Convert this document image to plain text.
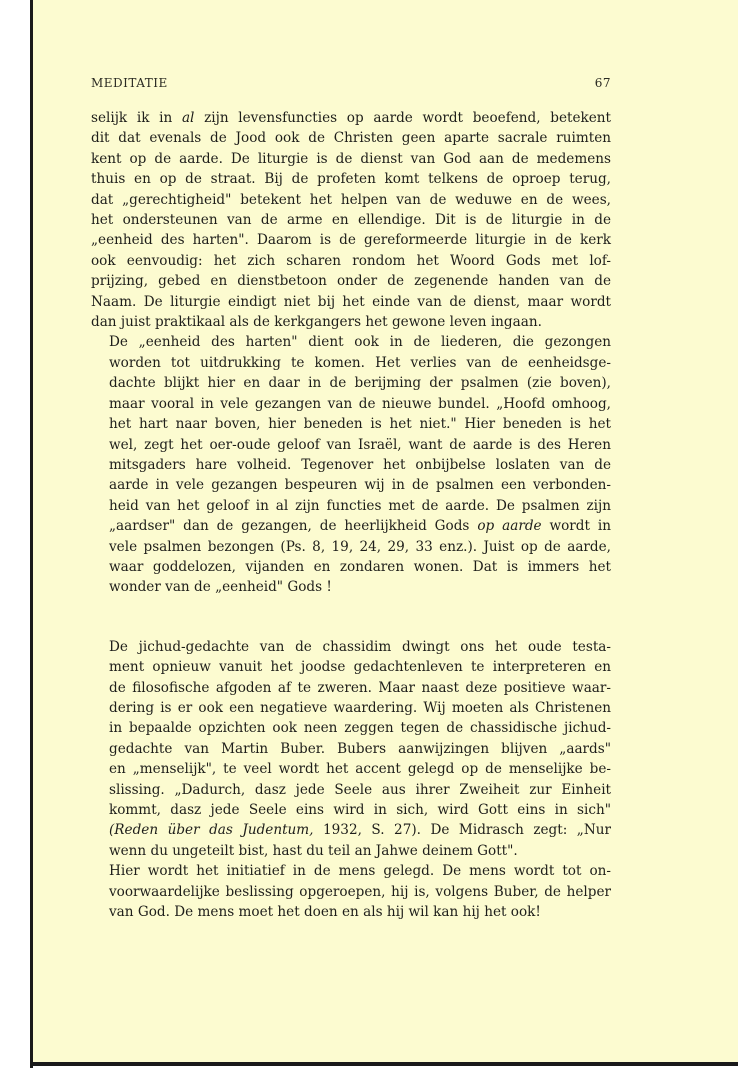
MEDITATIE	67
selijk ik in al zijn levensfuncties op aarde wordt beoefend, betekent
dit dat evenals de Jood ook de Christen geen aparte sacrale ruimten
kent op de aarde. De liturgie is de dienst van God aan de medemens
thuis en op de straat. Bij de profeten komt telkens de oproep terug,
dat „gerechtigheid" betekent het helpen van de weduwe en de wees,
het ondersteunen van de arme en ellendige. Dit is de liturgie in de
„eenheid des harten". Daarom is de gereformeerde liturgie in de kerk
ook eenvoudig: het zich scharen rondom het Woord Gods met lof-
prijzing, gebed en dienstbetoon onder de zegenende handen van de
Naam. De liturgie eindigt niet bij het einde van de dienst, maar wordt
dan juist praktikaal als de kerkgangers het gewone leven ingaan.
De „eenheid des harten" dient ook in de liederen, die gezongen
worden tot uitdrukking te komen. Het verlies van de eenheidsge-
dachte blijkt hier en daar in de berijming der psalmen (zie boven),
maar vooral in vele gezangen van de nieuwe bundel. „Hoofd omhoog,
het hart naar boven, hier beneden is het niet." Hier beneden is het
wel, zegt het oer-oude geloof van Israël, want de aarde is des Heren
mitsgaders hare volheid. Tegenover het onbijbelse loslaten van de
aarde in vele gezangen bespeuren wij in de psalmen een verbonden-
heid van het geloof in al zijn functies met de aarde. De psalmen zijn
„aardser" dan de gezangen, de heerlijkheid Gods op aarde wordt in
vele psalmen bezongen (Ps. 8, 19, 24, 29, 33 enz.). Juist op de aarde,
waar goddelozen, vijanden en zondaren wonen. Dat is immers het
wonder van de „eenheid" Gods !
De jichud-gedachte van de chassidim dwingt ons het oude testa-
ment opnieuw vanuit het joodse gedachtenleven te interpreteren en
de filosofische afgoden af te zweren. Maar naast deze positieve waar-
dering is er ook een negatieve waardering. Wij moeten als Christenen
in bepaalde opzichten ook neen zeggen tegen de chassidische jichud-
gedachte van Martin Buber. Bubers aanwijzingen blijven „aards"
en „menselijk", te veel wordt het accent gelegd op de menselijke be-
slissing. „Dadurch, dasz jede Seele aus ihrer Zweiheit zur Einheit
kommt, dasz jede Seele eins wird in sich, wird Gott eins in sich"
(Reden über das Judentum, 1932, S. 27). De Midrasch zegt: „Nur
wenn du ungeteilt bist, hast du teil an Jahwe deinem Gott".
Hier wordt het initiatief in de mens gelegd. De mens wordt tot on-
voorwaardelijke beslissing opgeroepen, hij is, volgens Buber, de helper
van God. De mens moet het doen en als hij wil kan hij het ook!
